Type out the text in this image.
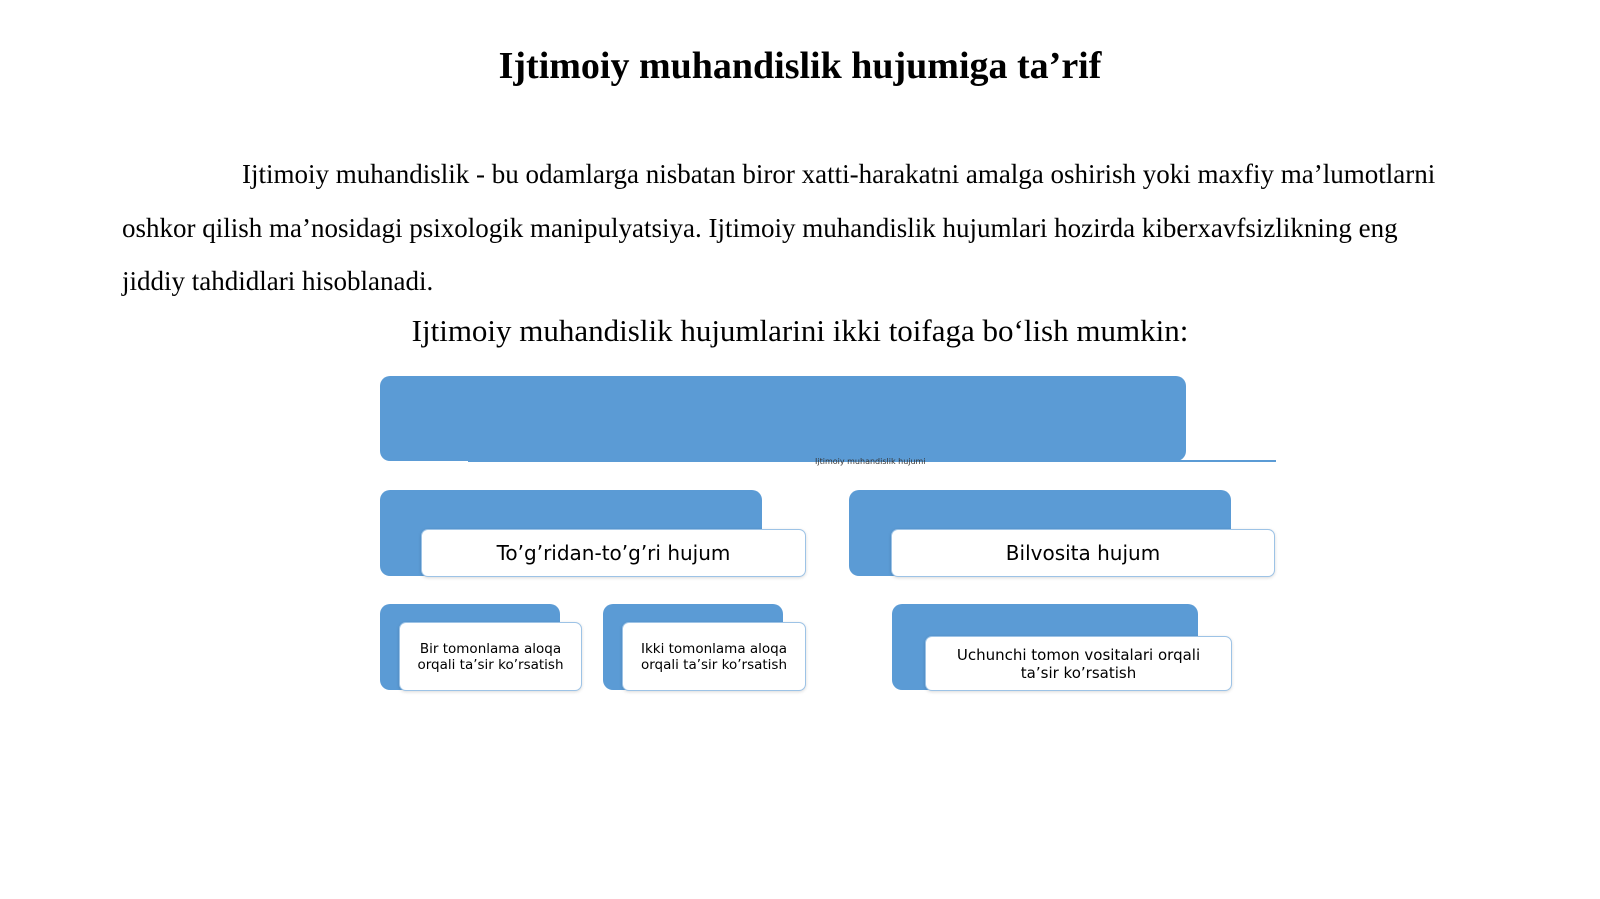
Ijtimoiy muhandislik hujumiga ta’rif

Ijtimoiy muhandislik - bu odamlarga nisbatan biror xatti-harakatni amalga oshirish yoki maxfiy ma’lumotlarni oshkor qilish ma’nosidagi psixologik manipulyatsiya. Ijtimoiy muhandislik hujumlari hozirda kiberxavfsizlikning eng jiddiy tahdidlari hisoblanadi.

Ijtimoiy muhandislik hujumlarini ikki toifaga bo‘lish mumkin:

Ijtimoiy muhandislik hujumi
To’g’ridan-to’g’ri hujum	Bilvosita hujum
Bir tomonlama aloqa orqali ta’sir ko’rsatish
Ikki tomonlama aloqa orqali ta’sir ko’rsatish
Uchunchi tomon vositalari orqali ta’sir ko’rsatish
